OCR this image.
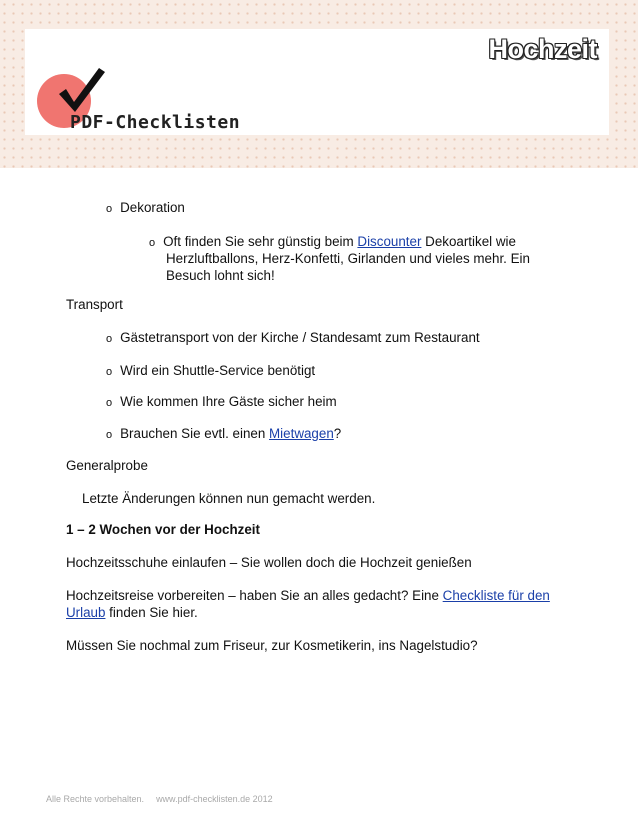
Hochzeit
PDF-Checklisten
o Dekoration
o Oft finden Sie sehr günstig beim Discounter Dekoartikel wie
Herzluftballons, Herz-Konfetti, Girlanden und vieles mehr. Ein
Besuch lohnt sich!
Transport
o Gästetransport von der Kirche / Standesamt zum Restaurant
o Wird ein Shuttle-Service benötigt
o Wie kommen Ihre Gäste sicher heim
o Brauchen Sie evtl. einen Mietwagen?
Generalprobe
Letzte Änderungen können nun gemacht werden.
1 – 2 Wochen vor der Hochzeit
Hochzeitsschuhe einlaufen – Sie wollen doch die Hochzeit genießen
Hochzeitsreise vorbereiten – haben Sie an alles gedacht? Eine Checkliste für den
Urlaub finden Sie hier.
Müssen Sie nochmal zum Friseur, zur Kosmetikerin, ins Nagelstudio?
Alle Rechte vorbehalten. www.pdf-checklisten.de 2012
